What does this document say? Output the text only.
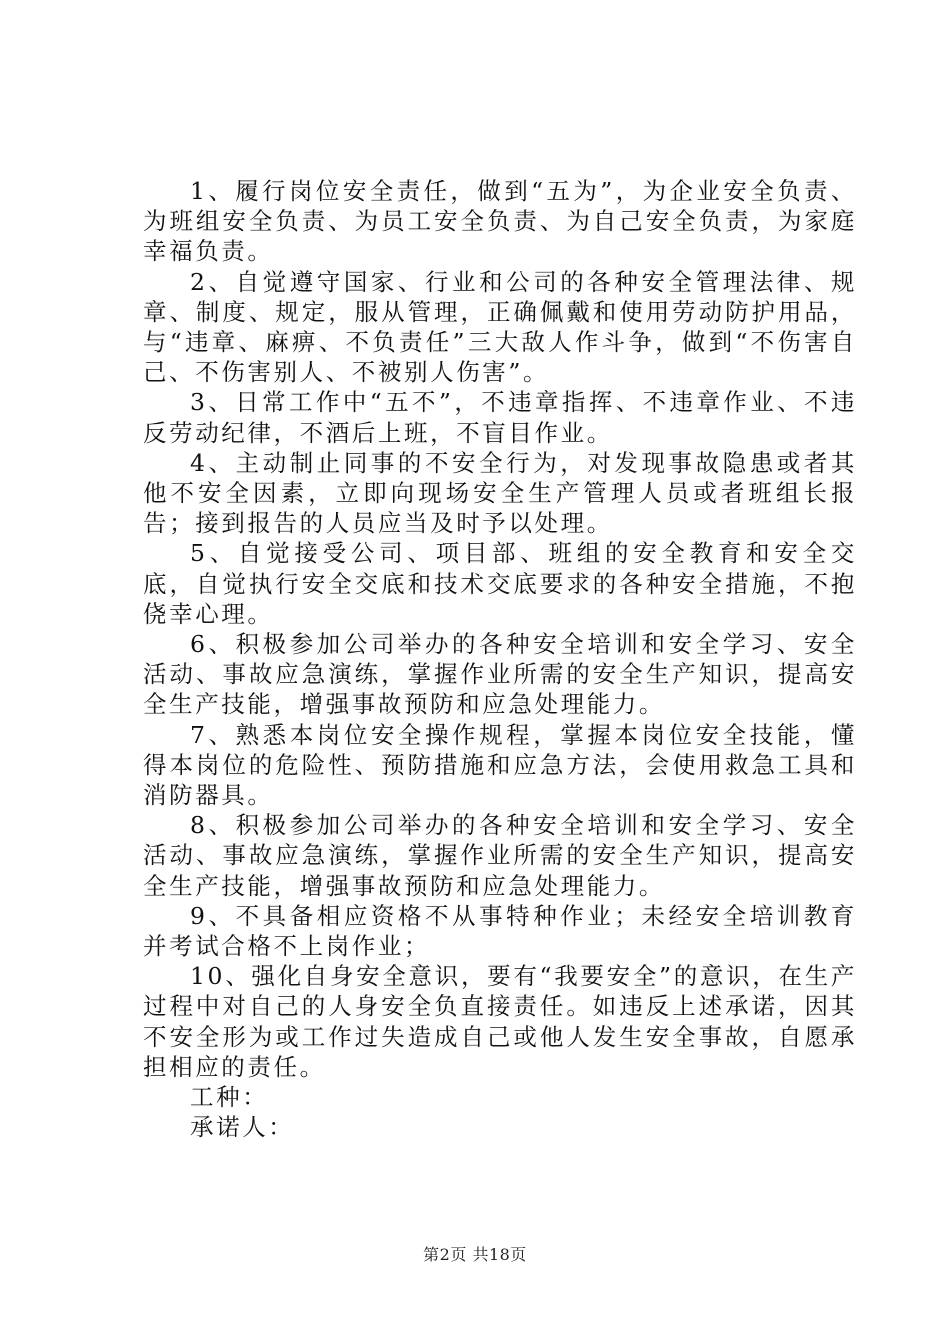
1、履行岗位安全责任，做到“五为”，为企业安全负责、为班组安全负责、为员工安全负责、为自己安全负责，为家庭幸福负责。

2、自觉遵守国家、行业和公司的各种安全管理法律、规章、制度、规定，服从管理，正确佩戴和使用劳动防护用品，与“违章、麻痹、不负责任”三大敌人作斗争，做到“不伤害自己、不伤害别人、不被别人伤害”。

3、日常工作中“五不”，不违章指挥、不违章作业、不违反劳动纪律，不酒后上班，不盲目作业。

4、主动制止同事的不安全行为，对发现事故隐患或者其他不安全因素，立即向现场安全生产管理人员或者班组长报告；接到报告的人员应当及时予以处理。

5、自觉接受公司、项目部、班组的安全教育和安全交底，自觉执行安全交底和技术交底要求的各种安全措施，不抱侥幸心理。

6、积极参加公司举办的各种安全培训和安全学习、安全活动、事故应急演练，掌握作业所需的安全生产知识，提高安全生产技能，增强事故预防和应急处理能力。

7、熟悉本岗位安全操作规程，掌握本岗位安全技能，懂得本岗位的危险性、预防措施和应急方法，会使用救急工具和消防器具。

8、积极参加公司举办的各种安全培训和安全学习、安全活动、事故应急演练，掌握作业所需的安全生产知识，提高安全生产技能，增强事故预防和应急处理能力。

9、不具备相应资格不从事特种作业；未经安全培训教育并考试合格不上岗作业；

10、强化自身安全意识，要有“我要安全”的意识，在生产过程中对自己的人身安全负直接责任。如违反上述承诺，因其不安全形为或工作过失造成自己或他人发生安全事故，自愿承担相应的责任。

工种：

承诺人：

第2页 共18页
